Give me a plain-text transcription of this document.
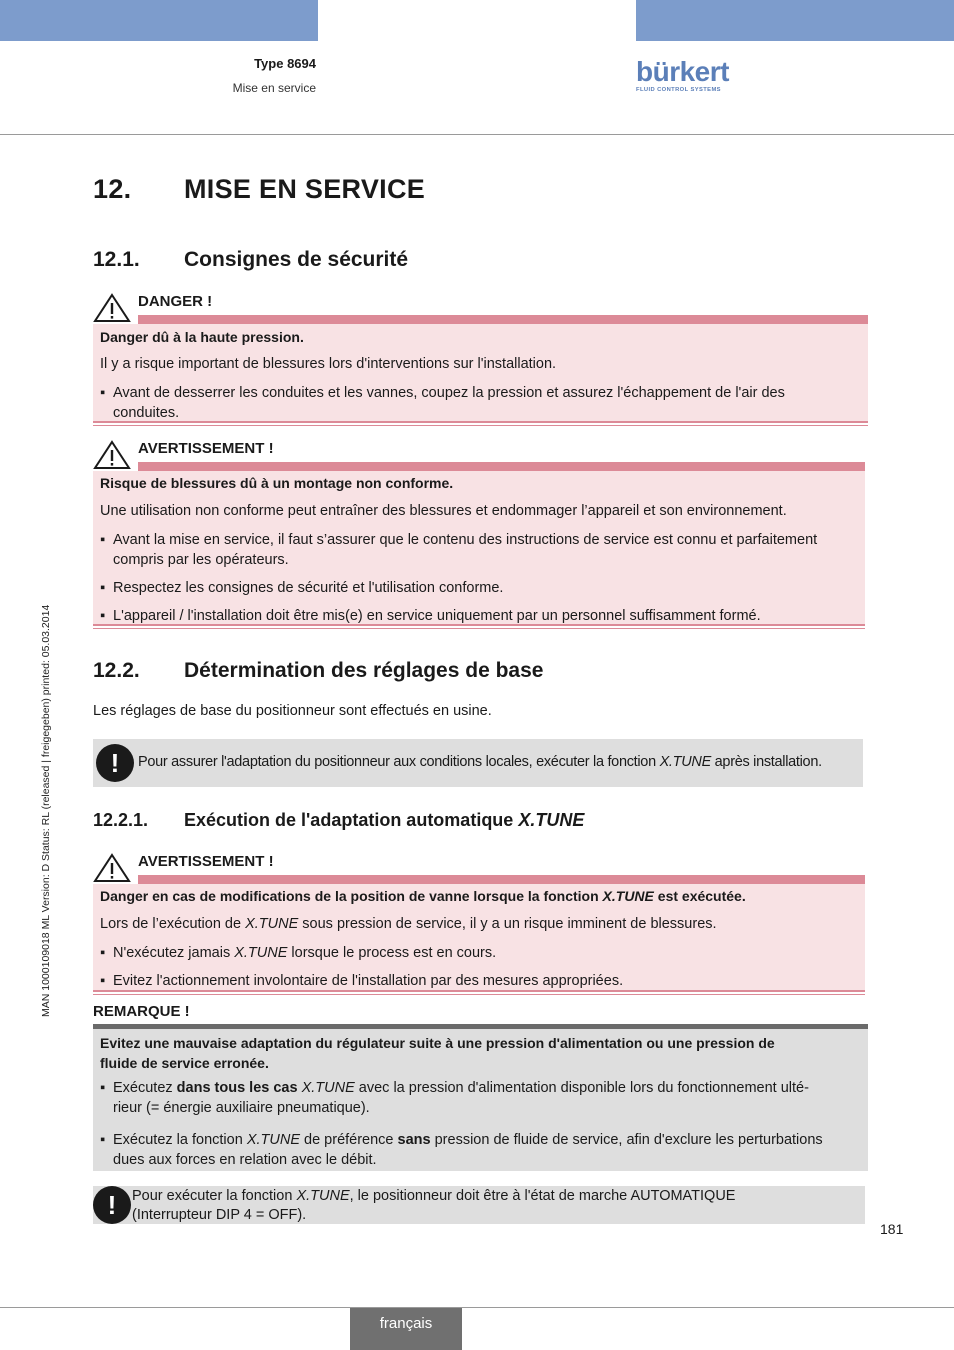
Type 8694
Mise en service
bürkert
FLUID CONTROL SYSTEMS
MAN 1000109018 ML Version: D Status: RL (released | freigegeben) printed: 05.03.2014
12. MISE EN SERVICE
12.1. Consignes de sécurité
DANGER !
Danger dû à la haute pression.
Il y a risque important de blessures lors d'interventions sur l'installation.
▪ Avant de desserrer les conduites et les vannes, coupez la pression et assurez l'échappement de l'air des
conduites.
AVERTISSEMENT !
Risque de blessures dû à un montage non conforme.
Une utilisation non conforme peut entraîner des blessures et endommager l’appareil et son environnement.
▪ Avant la mise en service, il faut s’assurer que le contenu des instructions de service est connu et parfaitement
compris par les opérateurs.
▪ Respectez les consignes de sécurité et l'utilisation conforme.
▪ L'appareil / l'installation doit être mis(e) en service uniquement par un personnel suffisamment formé.
12.2. Détermination des réglages de base
Les réglages de base du positionneur sont effectués en usine.
!	Pour assurer l'adaptation du positionneur aux conditions locales, exécuter la fonction X.TUNE après installation.
12.2.1. Exécution de l'adaptation automatique X.TUNE
AVERTISSEMENT !
Danger en cas de modifications de la position de vanne lorsque la fonction X.TUNE est exécutée.
Lors de l’exécution de X.TUNE sous pression de service, il y a un risque imminent de blessures.
▪ N'exécutez jamais X.TUNE lorsque le process est en cours.
▪ Evitez l'actionnement involontaire de l'installation par des mesures appropriées.
REMARQUE !
Evitez une mauvaise adaptation du régulateur suite à une pression d'alimentation ou une pression de
fluide de service erronée.
▪ Exécutez dans tous les cas X.TUNE avec la pression d'alimentation disponible lors du fonctionnement ulté-
rieur (= énergie auxiliaire pneumatique).
▪ Exécutez la fonction X.TUNE de préférence sans pression de fluide de service, afin d'exclure les perturbations
dues aux forces en relation avec le débit.
!	Pour exécuter la fonction X.TUNE, le positionneur doit être à l'état de marche AUTOMATIQUE
(Interrupteur DIP 4 = OFF).
181
français
